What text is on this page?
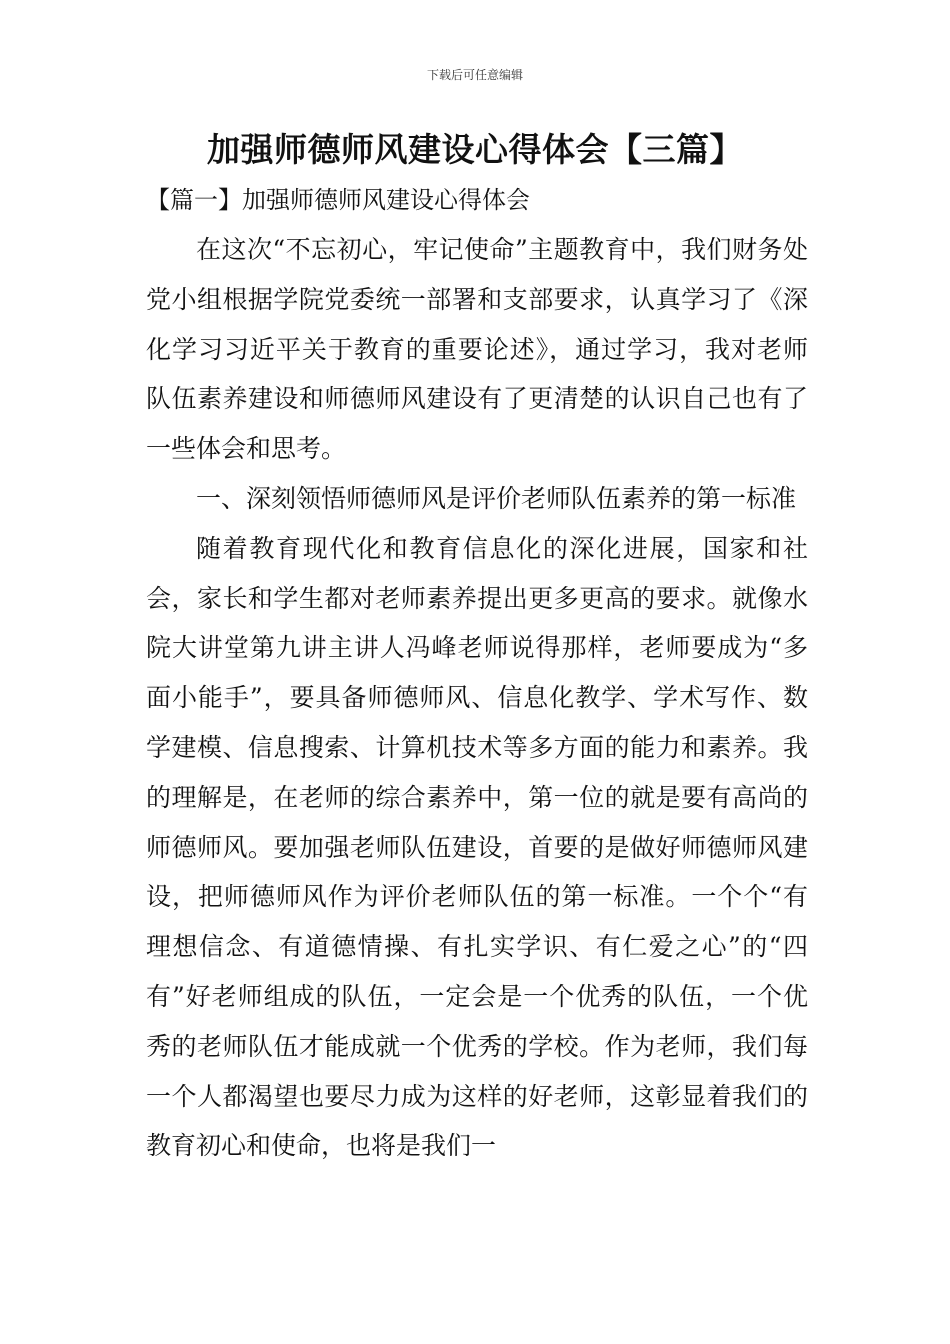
下载后可任意编辑
加强师德师风建设心得体会【三篇】
【篇一】加强师德师风建设心得体会

在这次“不忘初心，牢记使命”主题教育中，我们财务处党小组根据学院党委统一部署和支部要求，认真学习了《深化学习习近平关于教育的重要论述》，通过学习，我对老师队伍素养建设和师德师风建设有了更清楚的认识自己也有了一些体会和思考。

一、深刻领悟师德师风是评价老师队伍素养的第一标准

随着教育现代化和教育信息化的深化进展，国家和社会，家长和学生都对老师素养提出更多更高的要求。就像水院大讲堂第九讲主讲人冯峰老师说得那样，老师要成为“多面小能手”，要具备师德师风、信息化教学、学术写作、数学建模、信息搜索、计算机技术等多方面的能力和素养。我的理解是，在老师的综合素养中，第一位的就是要有高尚的师德师风。要加强老师队伍建设，首要的是做好师德师风建设，把师德师风作为评价老师队伍的第一标准。一个个“有理想信念、有道德情操、有扎实学识、有仁爱之心”的“四有”好老师组成的队伍，一定会是一个优秀的队伍，一个优秀的老师队伍才能成就一个优秀的学校。作为老师，我们每一个人都渴望也要尽力成为这样的好老师，这彰显着我们的教育初心和使命，也将是我们一
